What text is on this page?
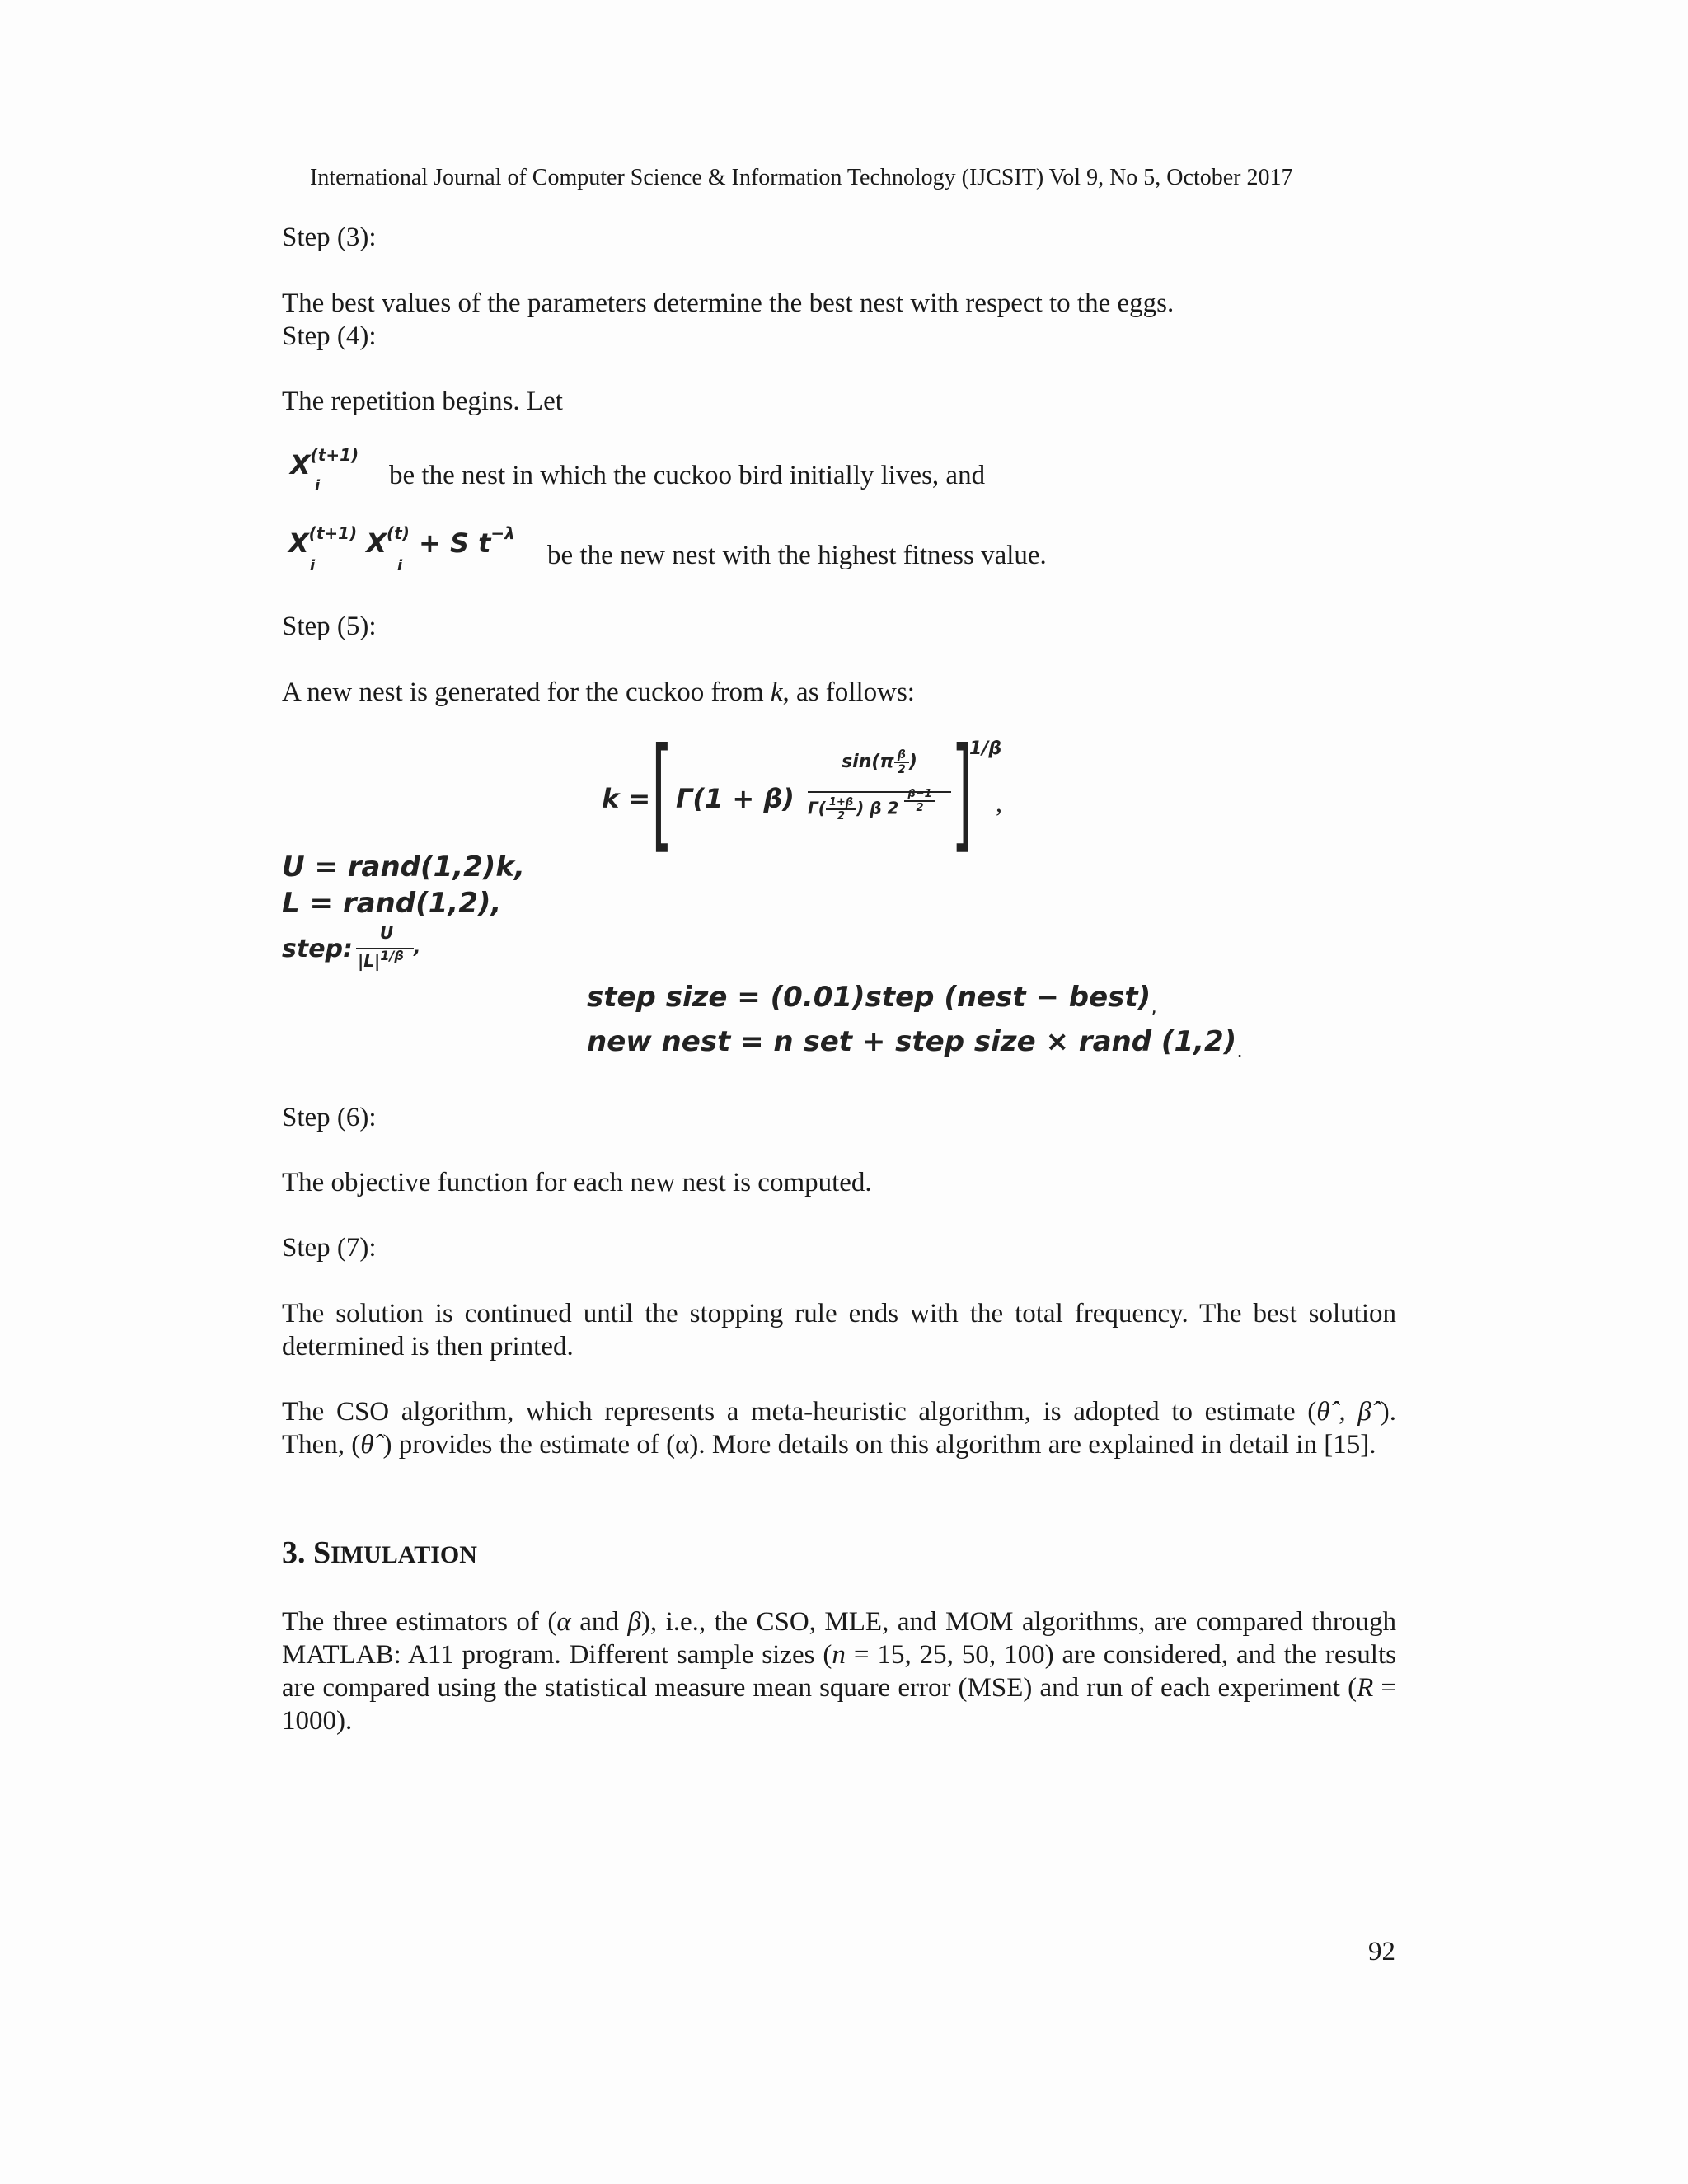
International Journal of Computer Science & Information Technology (IJCSIT) Vol 9, No 5, October 2017
Step (3):
The best values of the parameters determine the best nest with respect to the eggs.
Step (4):
The repetition begins. Let
$X^{(t+1)}$
i	be the nest in which the cuckoo bird initially lives, and
$X^{(t+1)}$
i
$X^{(t)}$
i
+ S $t^{-\lambda}$
be the new nest with the highest fitness value.
Step (5):
A new nest is generated for the cuckoo from k, as follows:
k = [ Γ(1 + β)
$\sin(\pi \frac{\beta}{2}$ )
$\Gamma( \frac{1+\beta}{2}$ ) β $2 \frac{\beta-1}{2}$ ]
1/β
,
U = rand(1,2)k,
L = rand(1,2),
step:
U
$|L|^{1/\beta}$ ,
step size = (0.01)step (nest − $best)_,$
new nest = n set + step size × rand $(1,2)_.$
Step (6):
The objective function for each new nest is computed.
Step (7):
The solution is continued until the stopping rule ends with the total frequency. The best solution determined is then printed.
The CSO algorithm, which represents a meta-heuristic algorithm, is adopted to estimate (θˆ, βˆ). Then, (θˆ) provides the estimate of (α). More details on this algorithm are explained in detail in [15].
3. SIMULATION
The three estimators of (α and β), i.e., the CSO, MLE, and MOM algorithms, are compared through MATLAB: A11 program. Different sample sizes (n = 15, 25, 50, 100) are considered, and the results are compared using the statistical measure mean square error (MSE) and run of each experiment (R = 1000).
92
